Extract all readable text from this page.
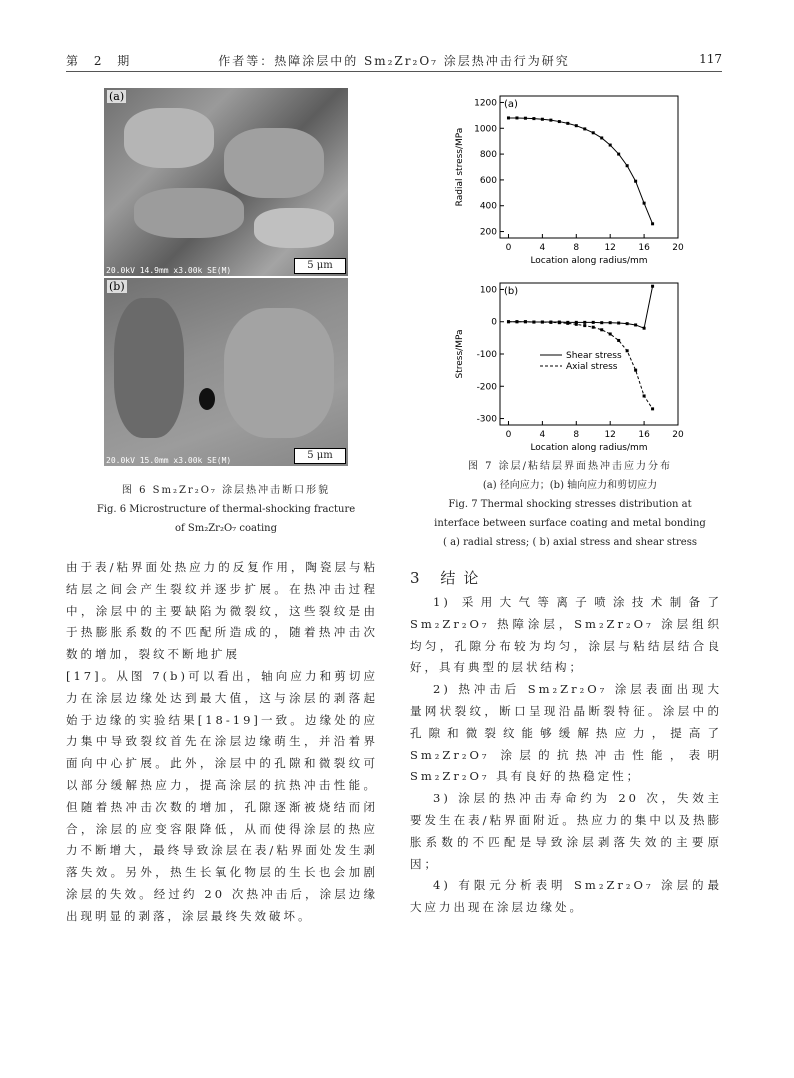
第 2 期	作者等：热障涂层中的 Sm₂Zr₂O₇ 涂层热冲击行为研究	117
(a)
20.0kV 14.9mm x3.00k SE(M)	5 μm
(b)
20.0kV 15.0mm x3.00k SE(M)	5 μm
图 6 Sm₂Zr₂O₇ 涂层热冲击断口形貌
Fig. 6 Microstructure of thermal-shocking fracture
of Sm₂Zr₂O₇ coating
0	4	8	12 16 20
200
400
600
800
1000
1200
Location along radius/mm
Radial stress/MPa
(a)
0	4	8	12 16 20
-300
-200
-100
0
100
Location along radius/mm
Stress/MPa
(b)
Shear stress
Axial stress
图 7 涂层/粘结层界面热冲击应力分布
(a) 径向应力；(b) 轴向应力和剪切应力
Fig. 7 Thermal shocking stresses distribution at
interface between surface coating and metal bonding
( a) radial stress; ( b) axial stress and shear stress

由于表/粘界面处热应力的反复作用，陶瓷层与粘结层之间会产生裂纹并逐步扩展。在热冲击过程中，涂层中的主要缺陷为微裂纹，这些裂纹是由于热膨胀系数的不匹配所造成的，随着热冲击次数的增加，裂纹不断地扩展

[17]。从图 7(b)可以看出，轴向应力和剪切应力在涂层边缘处达到最大值，这与涂层的剥落起始于边缘的实验结果[18-19]一致。边缘处的应力集中导致裂纹首先在涂层边缘萌生，并沿着界面向中心扩展。此外，涂层中的孔隙和微裂纹可以部分缓解热应力，提高涂层的抗热冲击性能。但随着热冲击次数的增加，孔隙逐渐被烧结而闭合，涂层的应变容限降低，从而使得涂层的热应力不断增大，最终导致涂层在表/粘界面处发生剥落失效。另外，热生长氧化物层的生长也会加剧涂层的失效。经过约 20 次热冲击后，涂层边缘出现明显的剥落，涂层最终失效破坏。

3 结论

1) 采用大气等离子喷涂技术制备了 Sm₂Zr₂O₇ 热障涂层，Sm₂Zr₂O₇ 涂层组织均匀，孔隙分布较为均匀，涂层与粘结层结合良好，具有典型的层状结构；

2) 热冲击后 Sm₂Zr₂O₇ 涂层表面出现大量网状裂纹，断口呈现沿晶断裂特征。涂层中的孔隙和微裂纹能够缓解热应力，提高了 Sm₂Zr₂O₇ 涂层的抗热冲击性能，表明 Sm₂Zr₂O₇ 具有良好的热稳定性；

3) 涂层的热冲击寿命约为 20 次，失效主要发生在表/粘界面附近。热应力的集中以及热膨胀系数的不匹配是导致涂层剥落失效的主要原因；

4) 有限元分析表明 Sm₂Zr₂O₇ 涂层的最大应力出现在涂层边缘处。
